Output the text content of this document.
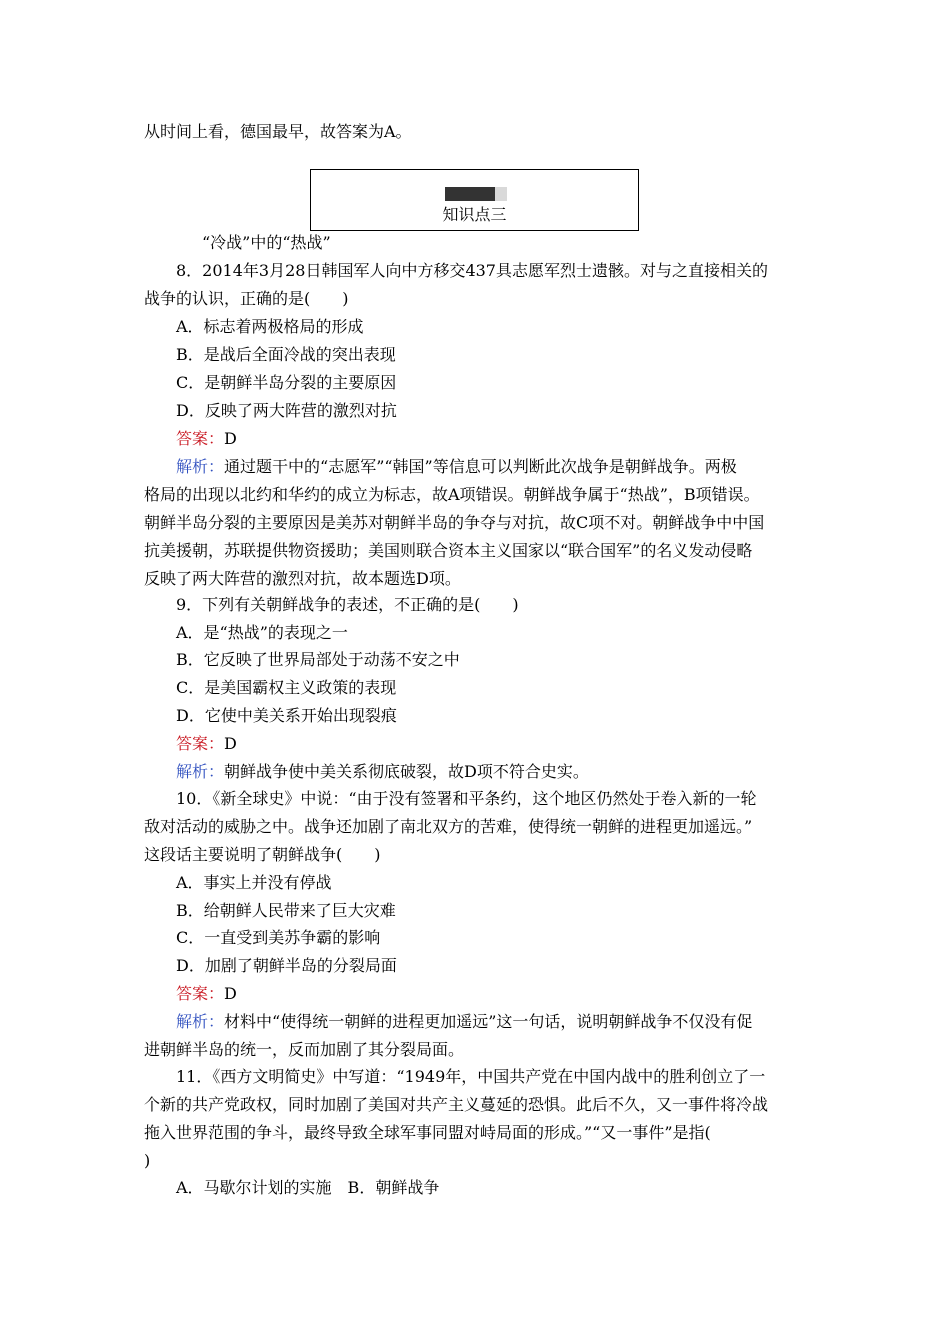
从时间上看，德国最早，故答案为A。
知识点三
“冷战”中的“热战”
8．2014年3月28日韩国军人向中方移交437具志愿军烈士遗骸。对与之直接相关的
战争的认识，正确的是(　　)
A．标志着两极格局的形成
B．是战后全面冷战的突出表现
C．是朝鲜半岛分裂的主要原因
D．反映了两大阵营的激烈对抗
答案：D
解析：通过题干中的“志愿军”“韩国”等信息可以判断此次战争是朝鲜战争。两极
格局的出现以北约和华约的成立为标志，故A项错误。朝鲜战争属于“热战”，B项错误。
朝鲜半岛分裂的主要原因是美苏对朝鲜半岛的争夺与对抗，故C项不对。朝鲜战争中中国
抗美援朝，苏联提供物资援助；美国则联合资本主义国家以“联合国军”的名义发动侵略
反映了两大阵营的激烈对抗，故本题选D项。
9．下列有关朝鲜战争的表述，不正确的是(　　)
A．是“热战”的表现之一
B．它反映了世界局部处于动荡不安之中
C．是美国霸权主义政策的表现
D．它使中美关系开始出现裂痕
答案：D
解析：朝鲜战争使中美关系彻底破裂，故D项不符合史实。
10．《新全球史》中说：“由于没有签署和平条约，这个地区仍然处于卷入新的一轮
敌对活动的威胁之中。战争还加剧了南北双方的苦难，使得统一朝鲜的进程更加遥远。”
这段话主要说明了朝鲜战争(　　)
A．事实上并没有停战
B．给朝鲜人民带来了巨大灾难
C．一直受到美苏争霸的影响
D．加剧了朝鲜半岛的分裂局面
答案：D
解析：材料中“使得统一朝鲜的进程更加遥远”这一句话，说明朝鲜战争不仅没有促
进朝鲜半岛的统一，反而加剧了其分裂局面。
11．《西方文明简史》中写道：“1949年，中国共产党在中国内战中的胜利创立了一
个新的共产党政权，同时加剧了美国对共产主义蔓延的恐惧。此后不久，又一事件将冷战
拖入世界范围的争斗，最终导致全球军事同盟对峙局面的形成。”“又一事件”是指(
)
A．马歇尔计划的实施　B．朝鲜战争
